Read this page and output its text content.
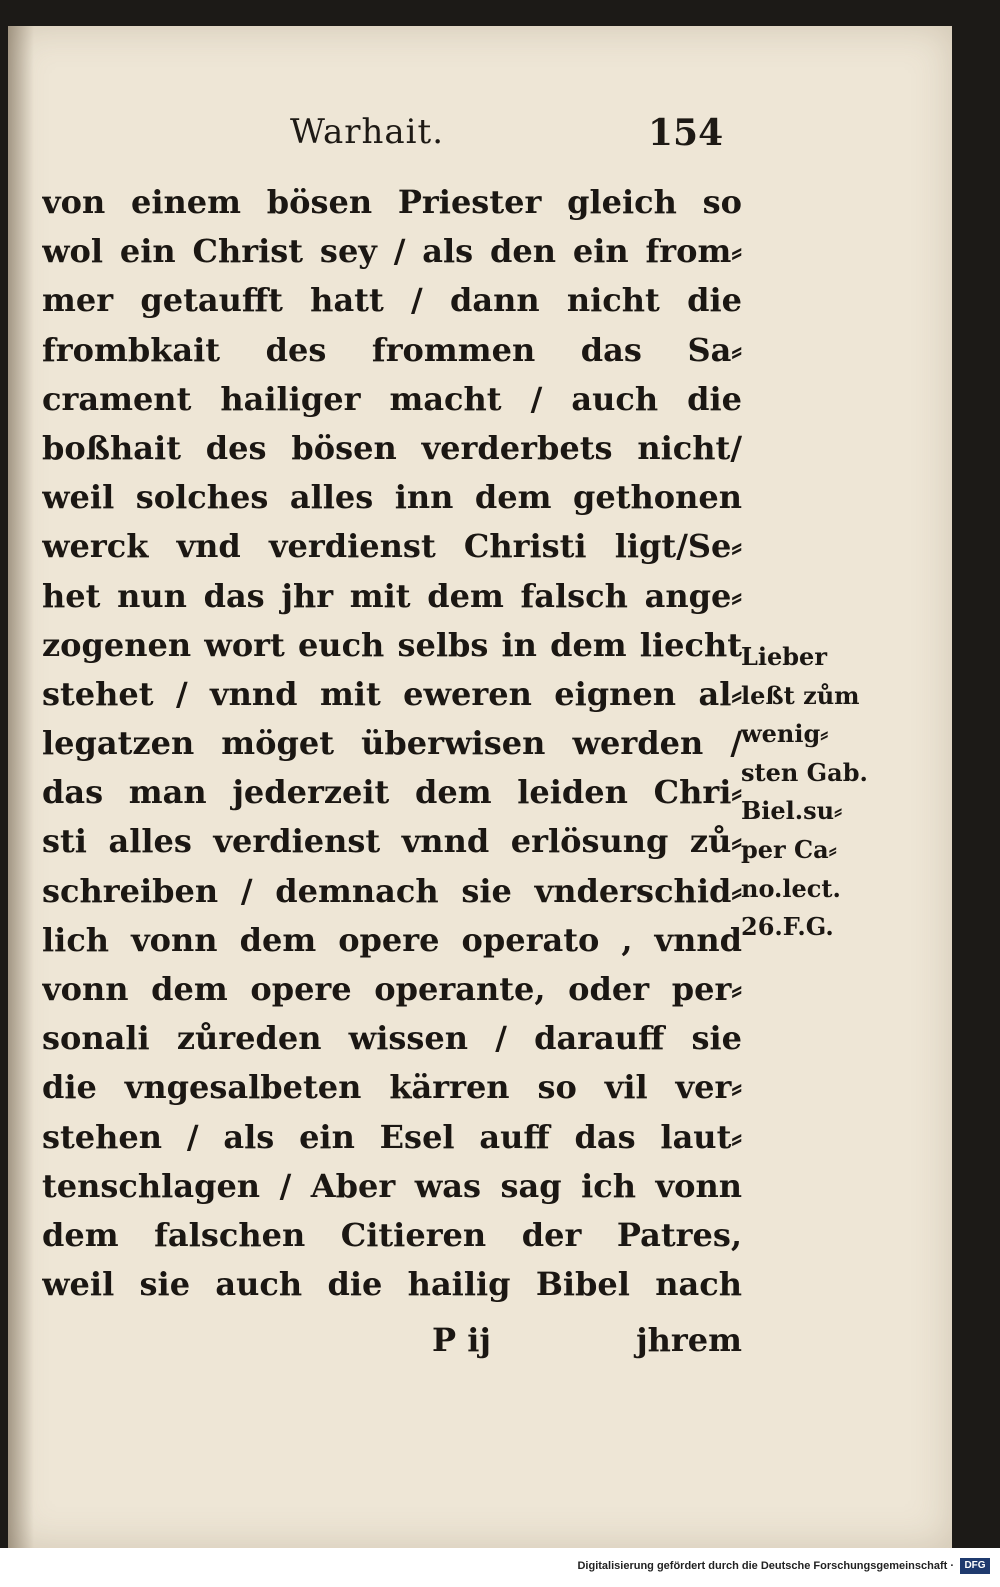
Warhait.	154
von einem bösen Priester gleich so
wol ein Christ sey / als den ein from⸗
mer getaufft hatt / dann nicht die
frombkait des frommen das Sa⸗
crament hailiger macht / auch die
boßhait des bösen verderbets nicht/
weil solches alles inn dem gethonen
werck vnd verdienst Christi ligt/Se⸗
het nun das jhr mit dem falsch ange⸗
zogenen wort euch selbs in dem liecht
stehet / vnnd mit eweren eignen al⸗
legatzen möget überwisen werden /
das man jederzeit dem leiden Chri⸗
sti alles verdienst vnnd erlösung zů⸗
schreiben / demnach sie vnderschid⸗
lich vonn dem opere operato , vnnd
vonn dem opere operante, oder per⸗
sonali zůreden wissen / darauff sie
die vngesalbeten kärren so vil ver⸗
stehen / als ein Esel auff das laut⸗
tenschlagen / Aber was sag ich vonn
dem falschen Citieren der Patres,
weil sie auch die hailig Bibel nach
P ij	jhrem
Lieber
leßt zům
wenig⸗
sten Gab.
Biel.su⸗
per Ca⸗
no.lect.
26.F.G.
Digitalisierung gefördert durch die Deutsche Forschungsgemeinschaft ·	DFG
